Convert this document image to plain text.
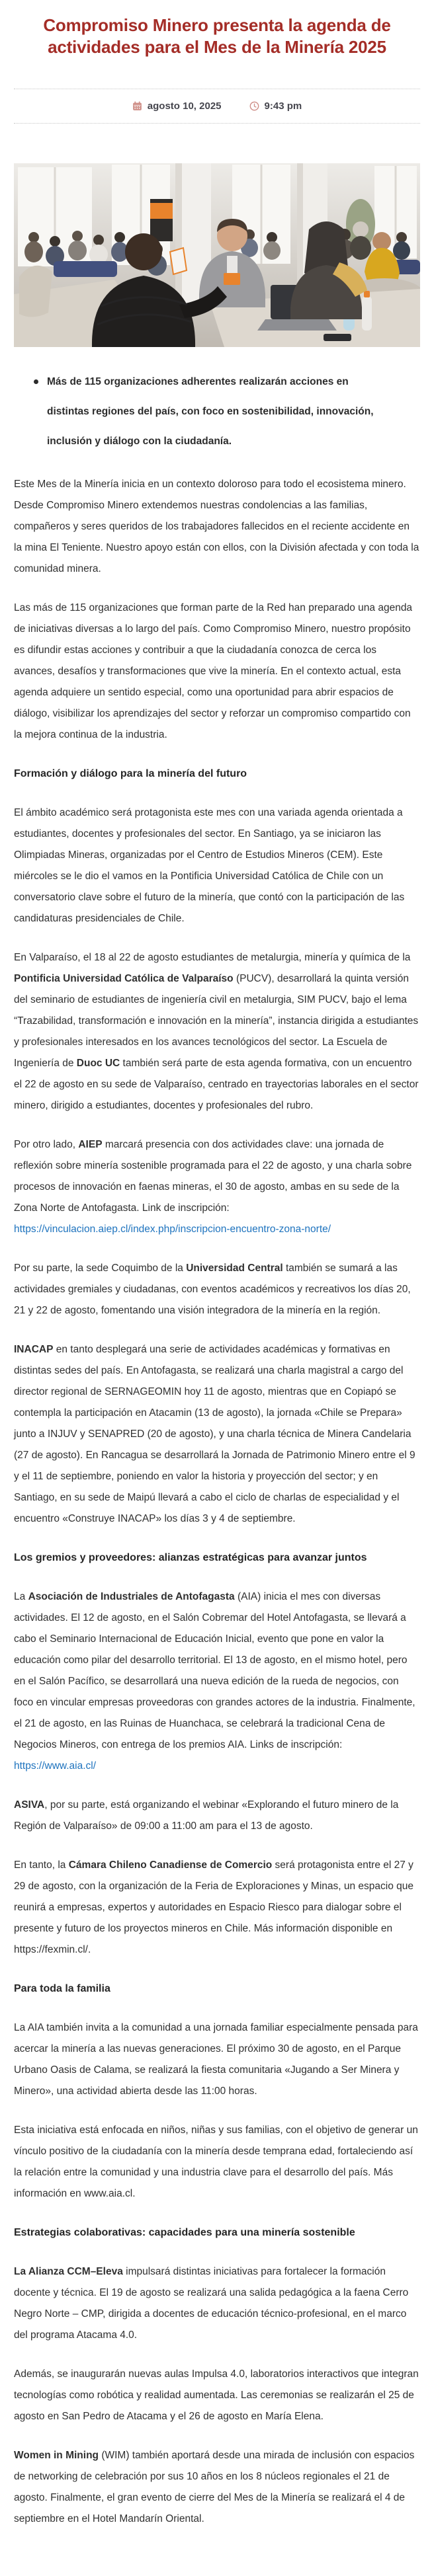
Compromiso Minero presenta la agenda de
actividades para el Mes de la Minería 2025
agosto 10, 2025	9:43 pm
Más de 115 organizaciones adherentes realizarán acciones en distintas regiones del país, con foco en sostenibilidad, innovación, inclusión y diálogo con la ciudadanía.

Este Mes de la Minería inicia en un contexto doloroso para todo el ecosistema minero. Desde Compromiso Minero extendemos nuestras condolencias a las familias, compañeros y seres queridos de los trabajadores fallecidos en el reciente accidente en la mina El Teniente. Nuestro apoyo están con ellos, con la División afectada y con toda la comunidad minera.

Las más de 115 organizaciones que forman parte de la Red han preparado una agenda de iniciativas diversas a lo largo del país. Como Compromiso Minero, nuestro propósito es difundir estas acciones y contribuir a que la ciudadanía conozca de cerca los avances, desafíos y transformaciones que vive la minería. En el contexto actual, esta agenda adquiere un sentido especial, como una oportunidad para abrir espacios de diálogo, visibilizar los aprendizajes del sector y reforzar un compromiso compartido con la mejora continua de la industria.

Formación y diálogo para la minería del futuro

El ámbito académico será protagonista este mes con una variada agenda orientada a estudiantes, docentes y profesionales del sector. En Santiago, ya se iniciaron las Olimpiadas Mineras, organizadas por el Centro de Estudios Mineros (CEM). Este miércoles se le dio el vamos en la Pontificia Universidad Católica de Chile con un conversatorio clave sobre el futuro de la minería, que contó con la participación de las candidaturas presidenciales de Chile.

En Valparaíso, el 18 al 22 de agosto estudiantes de metalurgia, minería y química de la Pontificia Universidad Católica de Valparaíso (PUCV), desarrollará la quinta versión del seminario de estudiantes de ingeniería civil en metalurgia, SIM PUCV, bajo el lema “Trazabilidad, transformación e innovación en la minería”, instancia dirigida a estudiantes y profesionales interesados en los avances tecnológicos del sector. La Escuela de Ingeniería de Duoc UC también será parte de esta agenda formativa, con un encuentro el 22 de agosto en su sede de Valparaíso, centrado en trayectorias laborales en el sector minero, dirigido a estudiantes, docentes y profesionales del rubro.

Por otro lado, AIEP marcará presencia con dos actividades clave: una jornada de reflexión sobre minería sostenible programada para el 22 de agosto, y una charla sobre procesos de innovación en faenas mineras, el 30 de agosto, ambas en su sede de la Zona Norte de Antofagasta. Link de inscripción: https://vinculacion.aiep.cl/index.php/inscripcion-encuentro-zona-norte/

Por su parte, la sede Coquimbo de la Universidad Central también se sumará a las actividades gremiales y ciudadanas, con eventos académicos y recreativos los días 20, 21 y 22 de agosto, fomentando una visión integradora de la minería en la región.

INACAP en tanto desplegará una serie de actividades académicas y formativas en distintas sedes del país. En Antofagasta, se realizará una charla magistral a cargo del director regional de SERNAGEOMIN hoy 11 de agosto, mientras que en Copiapó se contempla la participación en Atacamin (13 de agosto), la jornada «Chile se Prepara» junto a INJUV y SENAPRED (20 de agosto), y una charla técnica de Minera Candelaria (27 de agosto). En Rancagua se desarrollará la Jornada de Patrimonio Minero entre el 9 y el 11 de septiembre, poniendo en valor la historia y proyección del sector; y en Santiago, en su sede de Maipú llevará a cabo el ciclo de charlas de especialidad y el encuentro «Construye INACAP» los días 3 y 4 de septiembre.

Los gremios y proveedores: alianzas estratégicas para avanzar juntos

La Asociación de Industriales de Antofagasta (AIA) inicia el mes con diversas actividades. El 12 de agosto, en el Salón Cobremar del Hotel Antofagasta, se llevará a cabo el Seminario Internacional de Educación Inicial, evento que pone en valor la educación como pilar del desarrollo territorial. El 13 de agosto, en el mismo hotel, pero en el Salón Pacífico, se desarrollará una nueva edición de la rueda de negocios, con foco en vincular empresas proveedoras con grandes actores de la industria. Finalmente, el 21 de agosto, en las Ruinas de Huanchaca, se celebrará la tradicional Cena de Negocios Mineros, con entrega de los premios AIA. Links de inscripción: https://www.aia.cl/

ASIVA, por su parte, está organizando el webinar «Explorando el futuro minero de la Región de Valparaíso» de 09:00 a 11:00 am para el 13 de agosto.

En tanto, la Cámara Chileno Canadiense de Comercio será protagonista entre el 27 y 29 de agosto, con la organización de la Feria de Exploraciones y Minas, un espacio que reunirá a empresas, expertos y autoridades en Espacio Riesco para dialogar sobre el presente y futuro de los proyectos mineros en Chile. Más información disponible en https://fexmin.cl/.

Para toda la familia

La AIA también invita a la comunidad a una jornada familiar especialmente pensada para acercar la minería a las nuevas generaciones. El próximo 30 de agosto, en el Parque Urbano Oasis de Calama, se realizará la fiesta comunitaria «Jugando a Ser Minera y Minero», una actividad abierta desde las 11:00 horas.

Esta iniciativa está enfocada en niños, niñas y sus familias, con el objetivo de generar un vínculo positivo de la ciudadanía con la minería desde temprana edad, fortaleciendo así la relación entre la comunidad y una industria clave para el desarrollo del país. Más información en www.aia.cl.

Estrategias colaborativas: capacidades para una minería sostenible

La Alianza CCM–Eleva impulsará distintas iniciativas para fortalecer la formación docente y técnica. El 19 de agosto se realizará una salida pedagógica a la faena Cerro Negro Norte – CMP, dirigida a docentes de educación técnico-profesional, en el marco del programa Atacama 4.0.

Además, se inaugurarán nuevas aulas Impulsa 4.0, laboratorios interactivos que integran tecnologías como robótica y realidad aumentada. Las ceremonias se realizarán el 25 de agosto en San Pedro de Atacama y el 26 de agosto en María Elena.

Women in Mining (WIM) también aportará desde una mirada de inclusión con espacios de networking de celebración por sus 10 años en los 8 núcleos regionales el 21 de agosto. Finalmente, el gran evento de cierre del Mes de la Minería se realizará el 4 de septiembre en el Hotel Mandarín Oriental.
